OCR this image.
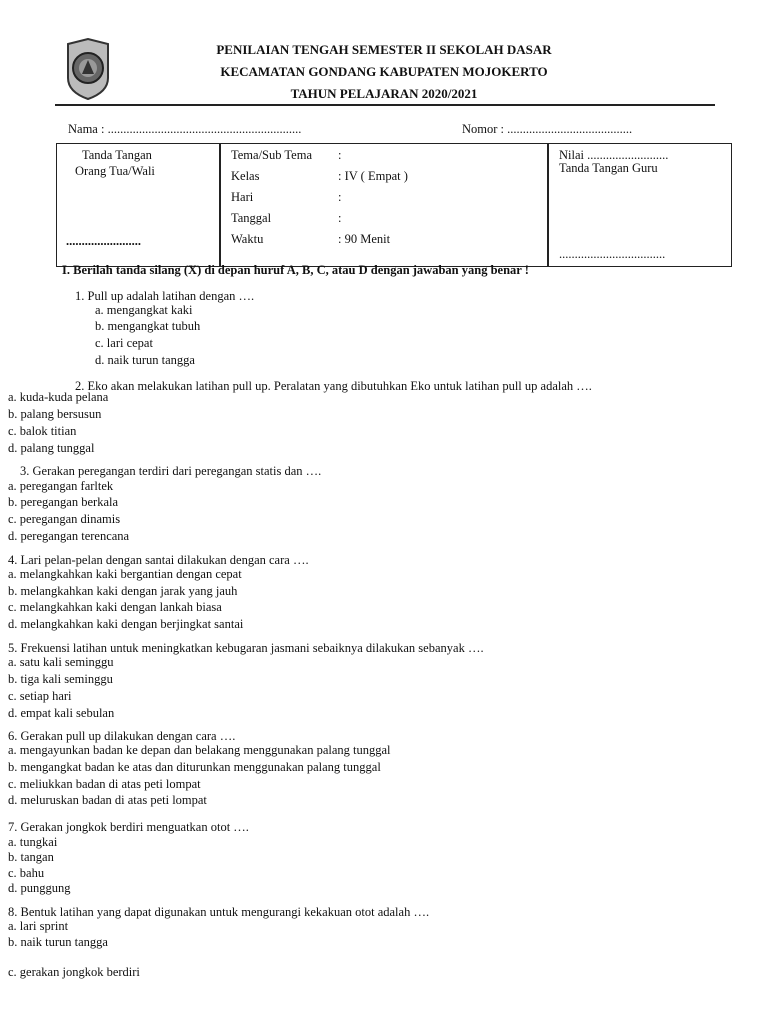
PENILAIAN TENGAH SEMESTER II SEKOLAH DASAR
KECAMATAN GONDANG KABUPATEN MOJOKERTO
TAHUN PELAJARAN 2020/2021
Nama : ..............................................................	Nomor : ........................................
Tanda Tangan
Orang Tua/Wali
........................
Tema/Sub Tema :
Kelas	: IV ( Empat )
Hari	:
Tanggal	:
Waktu	: 90 Menit
Nilai ..........................
Tanda Tangan Guru
..................................
I. Berilah tanda silang (X) di depan huruf A, B, C, atau D dengan jawaban yang benar !
1. Pull up adalah latihan dengan ….
a. mengangkat kaki
b. mengangkat tubuh
c. lari cepat
d. naik turun tangga
2. Eko akan melakukan latihan pull up. Peralatan yang dibutuhkan Eko untuk latihan pull up adalah ….
a. kuda-kuda pelana
b. palang bersusun
c. balok titian
d. palang tunggal
3. Gerakan peregangan terdiri dari peregangan statis dan ….
a. peregangan farltek
b. peregangan berkala
c. peregangan dinamis
d. peregangan terencana
4. Lari pelan-pelan dengan santai dilakukan dengan cara ….
a. melangkahkan kaki bergantian dengan cepat
b. melangkahkan kaki dengan jarak yang jauh
c. melangkahkan kaki dengan lankah biasa
d. melangkahkan kaki dengan berjingkat santai
5. Frekuensi latihan untuk meningkatkan kebugaran jasmani sebaiknya dilakukan sebanyak ….
a. satu kali seminggu
b. tiga kali seminggu
c. setiap hari
d. empat kali sebulan
6. Gerakan pull up dilakukan dengan cara ….
a. mengayunkan badan ke depan dan belakang menggunakan palang tunggal
b. mengangkat badan ke atas dan diturunkan menggunakan palang tunggal
c. meliukkan badan di atas peti lompat
d. meluruskan badan di atas peti lompat
7. Gerakan jongkok berdiri menguatkan otot ….
a. tungkai
b. tangan
c. bahu
d. punggung
8. Bentuk latihan yang dapat digunakan untuk mengurangi kekakuan otot adalah ….
a. lari sprint
b. naik turun tangga
c. gerakan jongkok berdiri
